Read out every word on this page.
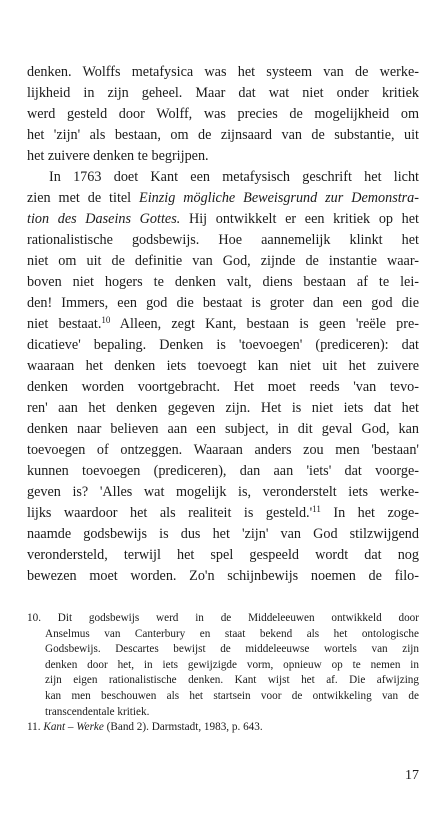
denken. Wolffs metafysica was het systeem van de werke-
lijkheid in zijn geheel. Maar dat wat niet onder kritiek
werd gesteld door Wolff, was precies de mogelijkheid om
het 'zijn' als bestaan, om de zijnsaard van de substantie, uit
het zuivere denken te begrijpen.
In 1763 doet Kant een metafysisch geschrift het licht
zien met de titel Einzig mögliche Beweisgrund zur Demonstra-
tion des Daseins Gottes. Hij ontwikkelt er een kritiek op het
rationalistische godsbewijs. Hoe aannemelijk klinkt het
niet om uit de definitie van God, zijnde de instantie waar-
boven niet hogers te denken valt, diens bestaan af te lei-
den! Immers, een god die bestaat is groter dan een god die
niet bestaat.$^{10}$ Alleen, zegt Kant, bestaan is geen 'reële pre-
dicatieve' bepaling. Denken is 'toevoegen' (prediceren): dat
waaraan het denken iets toevoegt kan niet uit het zuivere
denken worden voortgebracht. Het moet reeds 'van tevo-
ren' aan het denken gegeven zijn. Het is niet iets dat het
denken naar believen aan een subject, in dit geval God, kan
toevoegen of ontzeggen. Waaraan anders zou men 'bestaan'
kunnen toevoegen (prediceren), dan aan 'iets' dat voorge-
geven is? 'Alles wat mogelijk is, veronderstelt iets werke-
lijks waardoor het als realiteit is $gesteld.'^{11}$ In het zoge-
naamde godsbewijs is dus het 'zijn' van God stilzwijgend
verondersteld, terwijl het spel gespeeld wordt dat nog
bewezen moet worden. Zo'n schijnbewijs noemen de filo-
10. Dit godsbewijs werd in de Middeleeuwen ontwikkeld door
Anselmus van Canterbury en staat bekend als het ontologische
Godsbewijs. Descartes bewijst de middeleeuwse wortels van zijn
denken door het, in iets gewijzigde vorm, opnieuw op te nemen in
zijn eigen rationalistische denken. Kant wijst het af. Die afwijzing
kan men beschouwen als het startsein voor de ontwikkeling van de
transcendentale kritiek.
11. Kant – Werke (Band 2). Darmstadt, 1983, p. 643.
17
